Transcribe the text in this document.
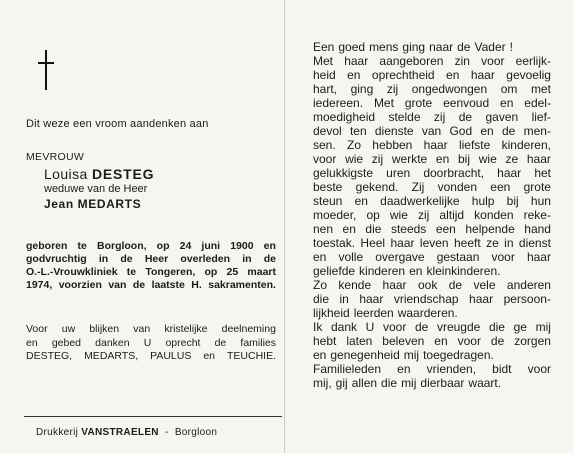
Dit weze een vroom aandenken aan
MEVROUW
Louisa DESTEG
weduwe van de Heer
Jean MEDARTS
geboren te Borgloon, op 24 juni 1900 en
godvruchtig in de Heer overleden in de
O.-L.-Vrouwkliniek te Tongeren, op 25 maart
1974, voorzien van de laatste H. sakramenten.
Voor uw blijken van kristelijke deelneming
en gebed danken U oprecht de families
DESTEG, MEDARTS, PAULUS en TEUCHIE.
Drukkerij VANSTRAELEN - Borgloon
Een goed mens ging naar de Vader !
Met haar aangeboren zin voor eerlijk-
heid en oprechtheid en haar gevoelig
hart, ging zij ongedwongen om met
iedereen. Met grote eenvoud en edel-
moedigheid stelde zij de gaven lief-
devol ten dienste van God en de men-
sen. Zo hebben haar liefste kinderen,
voor wie zij werkte en bij wie ze haar
gelukkigste uren doorbracht, haar het
beste gekend. Zij vonden een grote
steun en daadwerkelijke hulp bij hun
moeder, op wie zij altijd konden reke-
nen en die steeds een helpende hand
toestak. Heel haar leven heeft ze in dienst
en volle overgave gestaan voor haar
geliefde kinderen en kleinkinderen.
Zo kende haar ook de vele anderen
die in haar vriendschap haar persoon-
lijkheid leerden waarderen.
Ik dank U voor de vreugde die ge mij
hebt laten beleven en voor de zorgen
en genegenheid mij toegedragen.
Familieleden en vrienden, bidt voor
mij, gij allen die mij dierbaar waart.
